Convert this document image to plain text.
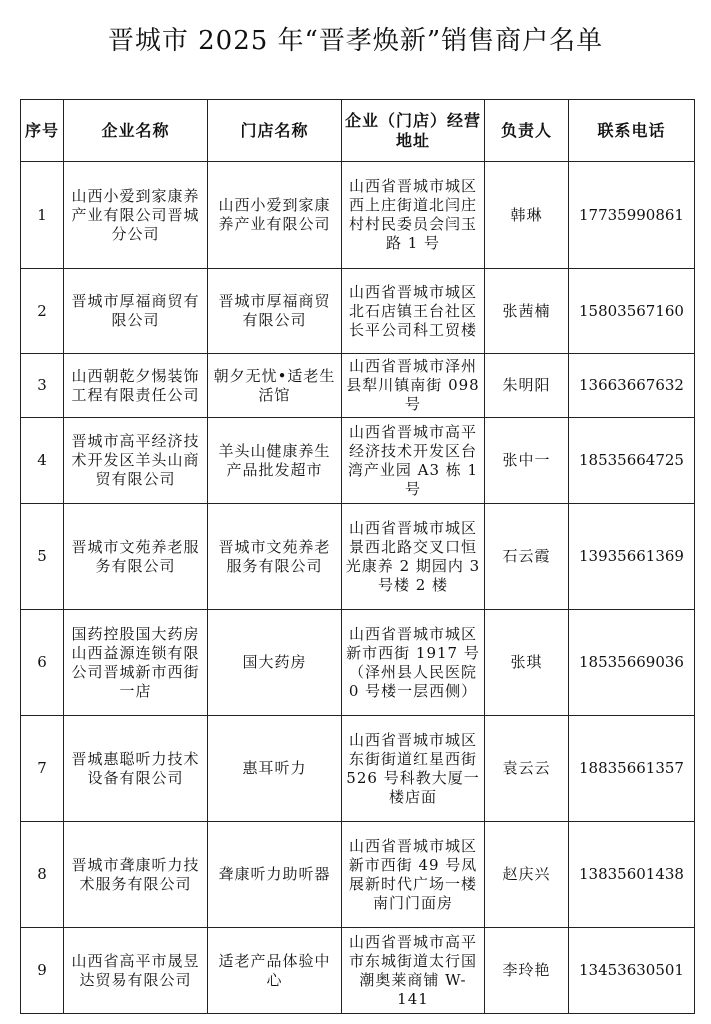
晋城市 2025 年“晋孝焕新”销售商户名单
序号	企业名称	门店名称	企业（门店）经营地址	负责人	联系电话

1	山西小爱到家康养产业有限公司晋城分公司	山西小爱到家康养产业有限公司	山西省晋城市城区西上庄街道北闫庄村村民委员会闫玉路 1 号	韩琳	17735990861
2	晋城市厚福商贸有限公司	晋城市厚福商贸有限公司	山西省晋城市城区北石店镇王台社区长平公司科工贸楼	张茜楠	15803567160
3	山西朝乾夕惕装饰工程有限责任公司	朝夕无忧•适老生活馆	山西省晋城市泽州县犁川镇南街 098 号	朱明阳	13663667632
4	晋城市高平经济技术开发区羊头山商贸有限公司	羊头山健康养生产品批发超市	山西省晋城市高平经济技术开发区台湾产业园 A3 栋 1 号	张中一	18535664725
5	晋城市文苑养老服务有限公司	晋城市文苑养老服务有限公司	山西省晋城市城区景西北路交叉口恒光康养 2 期园内 3 号楼 2 楼	石云霞	13935661369
6	国药控股国大药房山西益源连锁有限公司晋城新市西街一店	国大药房	山西省晋城市城区新市西街 1917 号（泽州县人民医院 0 号楼一层西侧）	张琪	18535669036
7	晋城惠聪听力技术设备有限公司	惠耳听力	山西省晋城市城区东街街道红星西街 526 号科教大厦一楼店面	袁云云	18835661357
8	晋城市聋康听力技术服务有限公司	聋康听力助听器	山西省晋城市城区新市西街 49 号凤展新时代广场一楼南门门面房	赵庆兴	13835601438
9	山西省高平市晟昱达贸易有限公司	适老产品体验中心	山西省晋城市高平市东城街道太行国潮奥莱商铺 W-141	李玲艳	13453630501
